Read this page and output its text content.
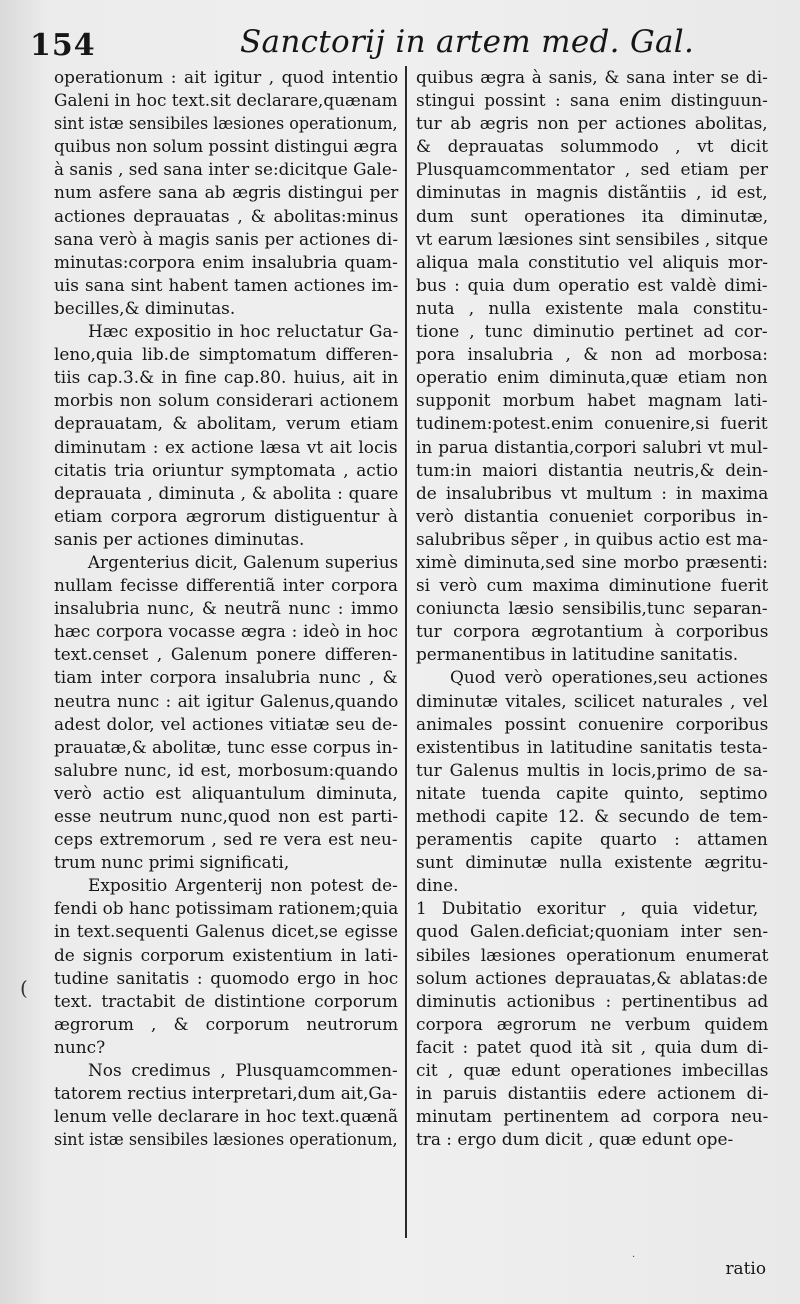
154	Sanctorij in artem med. Gal.
operationum : ait igitur , quod intentio
Galeni in hoc text.sit declarare,quænam
sint istæ sensibiles læsiones operationum,
quibus non solum possint distingui ægra
à sanis , sed sana inter se:dicitque Gale-
num asfere sana ab ægris distingui per
actiones deprauatas , & abolitas:minus
sana verò à magis sanis per actiones di-
minutas:corpora enim insalubria quam-
uis sana sint habent tamen actiones im-
becilles,& diminutas.
Hæc expositio in hoc reluctatur Ga-
leno,quia lib.de simptomatum differen-
tiis cap.3.& in fine cap.80. huius, ait in
morbis non solum considerari actionem
deprauatam, & abolitam, verum etiam
diminutam : ex actione læsa vt ait locis
citatis tria oriuntur symptomata , actio
deprauata , diminuta , & abolita : quare
etiam corpora ægrorum distiguentur à
sanis per actiones diminutas.
Argenterius dicit, Galenum superius
nullam fecisse differentiã inter corpora
insalubria nunc, & neutrã nunc : immo
hæc corpora vocasse ægra : ideò in hoc
text.censet , Galenum ponere differen-
tiam inter corpora insalubria nunc , &
neutra nunc : ait igitur Galenus,quando
adest dolor, vel actiones vitiatæ seu de-
prauatæ,& abolitæ, tunc esse corpus in-
salubre nunc, id est, morbosum:quando
verò actio est aliquantulum diminuta,
esse neutrum nunc,quod non est parti-
ceps extremorum , sed re vera est neu-
trum nunc primi significati,
Expositio Argenterij non potest de-
fendi ob hanc potissimam rationem;quia
in text.sequenti Galenus dicet,se egisse
de signis corporum existentium in lati-
tudine sanitatis : quomodo ergo in hoc
text. tractabit de distintione corporum
ægrorum , & corporum neutrorum
nunc?
Nos credimus , Plusquamcommen-
tatorem rectius interpretari,dum ait,Ga-
lenum velle declarare in hoc text.quænã
sint istæ sensibiles læsiones operationum,
quibus ægra à sanis, & sana inter se di-
stingui possint : sana enim distinguun-
tur ab ægris non per actiones abolitas,
& deprauatas solummodo , vt dicit
Plusquamcommentator , sed etiam per
diminutas in magnis distãntiis , id est,
dum sunt operationes ita diminutæ,
vt earum læsiones sint sensibiles , sitque
aliqua mala constitutio vel aliquis mor-
bus : quia dum operatio est valdè dimi-
nuta , nulla existente mala constitu-
tione , tunc diminutio pertinet ad cor-
pora insalubria , & non ad morbosa:
operatio enim diminuta,quæ etiam non
supponit morbum habet magnam lati-
tudinem:potest.enim conuenire,si fuerit
in parua distantia,corpori salubri vt mul-
tum:in maiori distantia neutris,& dein-
de insalubribus vt multum : in maxima
verò distantia conueniet corporibus in-
salubribus sẽper , in quibus actio est ma-
ximè diminuta,sed sine morbo præsenti:
si verò cum maxima diminutione fuerit
coniuncta læsio sensibilis,tunc separan-
tur corpora ægrotantium à corporibus
permanentibus in latitudine sanitatis.
Quod verò operationes,seu actiones
diminutæ vitales, scilicet naturales , vel
animales possint conuenire corporibus
existentibus in latitudine sanitatis testa-
tur Galenus multis in locis,primo de sa-
nitate tuenda capite quinto, septimo
methodi capite 12. & secundo de tem-
peramentis capite quarto : attamen
sunt diminutæ nulla existente ægritu-
dine.
1 Dubitatio exoritur , quia videtur,
quod Galen.deficiat;quoniam inter sen-
sibiles læsiones operationum enumerat
solum actiones deprauatas,& ablatas:de
diminutis actionibus : pertinentibus ad
corpora ægrorum ne verbum quidem
facit : patet quod ità sit , quia dum di-
cit , quæ edunt operationes imbecillas
in paruis distantiis edere actionem di-
minutam pertinentem ad corpora neu-
tra : ergo dum dicit , quæ edunt ope-
(
·
ratio
